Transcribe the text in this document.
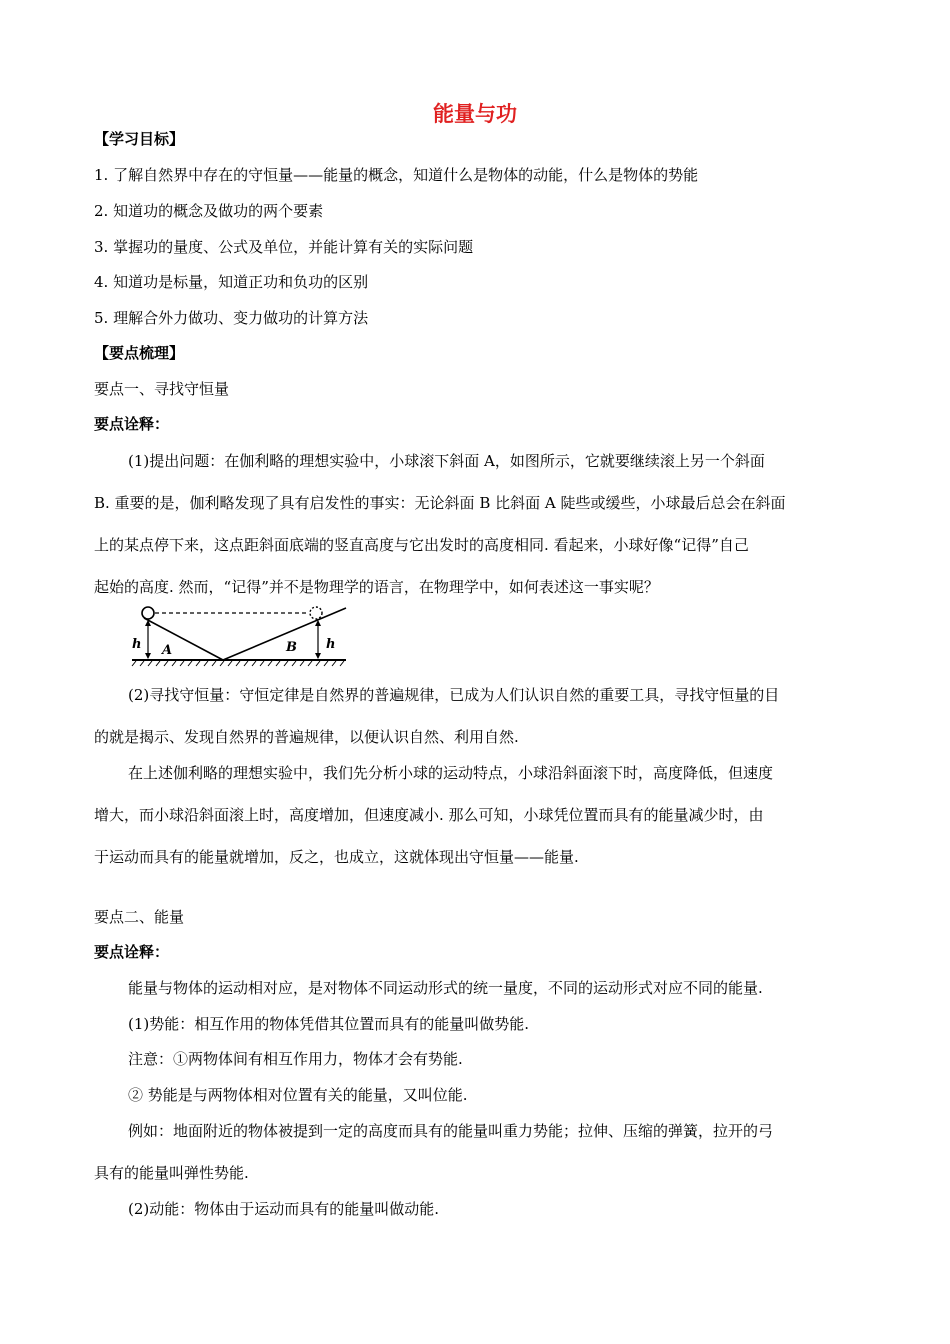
能量与功
【学习目标】
1. 了解自然界中存在的守恒量——能量的概念，知道什么是物体的动能，什么是物体的势能
2. 知道功的概念及做功的两个要素
3. 掌握功的量度、公式及单位，并能计算有关的实际问题
4. 知道功是标量，知道正功和负功的区别
5. 理解合外力做功、变力做功的计算方法
【要点梳理】
要点一、寻找守恒量
要点诠释：
(1)提出问题：在伽利略的理想实验中，小球滚下斜面 A，如图所示，它就要继续滚上另一个斜面
B. 重要的是，伽利略发现了具有启发性的事实：无论斜面 B 比斜面 A 陡些或缓些，小球最后总会在斜面
上的某点停下来，这点距斜面底端的竖直高度与它出发时的高度相同. 看起来，小球好像“记得”自己
起始的高度. 然而，“记得”并不是物理学的语言，在物理学中，如何表述这一事实呢？
h	h
A	B
(2)寻找守恒量：守恒定律是自然界的普遍规律，已成为人们认识自然的重要工具，寻找守恒量的目
的就是揭示、发现自然界的普遍规律，以便认识自然、利用自然.
在上述伽利略的理想实验中，我们先分析小球的运动特点，小球沿斜面滚下时，高度降低，但速度
增大，而小球沿斜面滚上时，高度增加，但速度减小. 那么可知，小球凭位置而具有的能量减少时，由
于运动而具有的能量就增加，反之，也成立，这就体现出守恒量——能量.
要点二、能量
要点诠释：
能量与物体的运动相对应，是对物体不同运动形式的统一量度，不同的运动形式对应不同的能量.
(1)势能：相互作用的物体凭借其位置而具有的能量叫做势能.
注意：①两物体间有相互作用力，物体才会有势能.
② 势能是与两物体相对位置有关的能量，又叫位能.
例如：地面附近的物体被提到一定的高度而具有的能量叫重力势能；拉伸、压缩的弹簧，拉开的弓
具有的能量叫弹性势能.
(2)动能：物体由于运动而具有的能量叫做动能.
